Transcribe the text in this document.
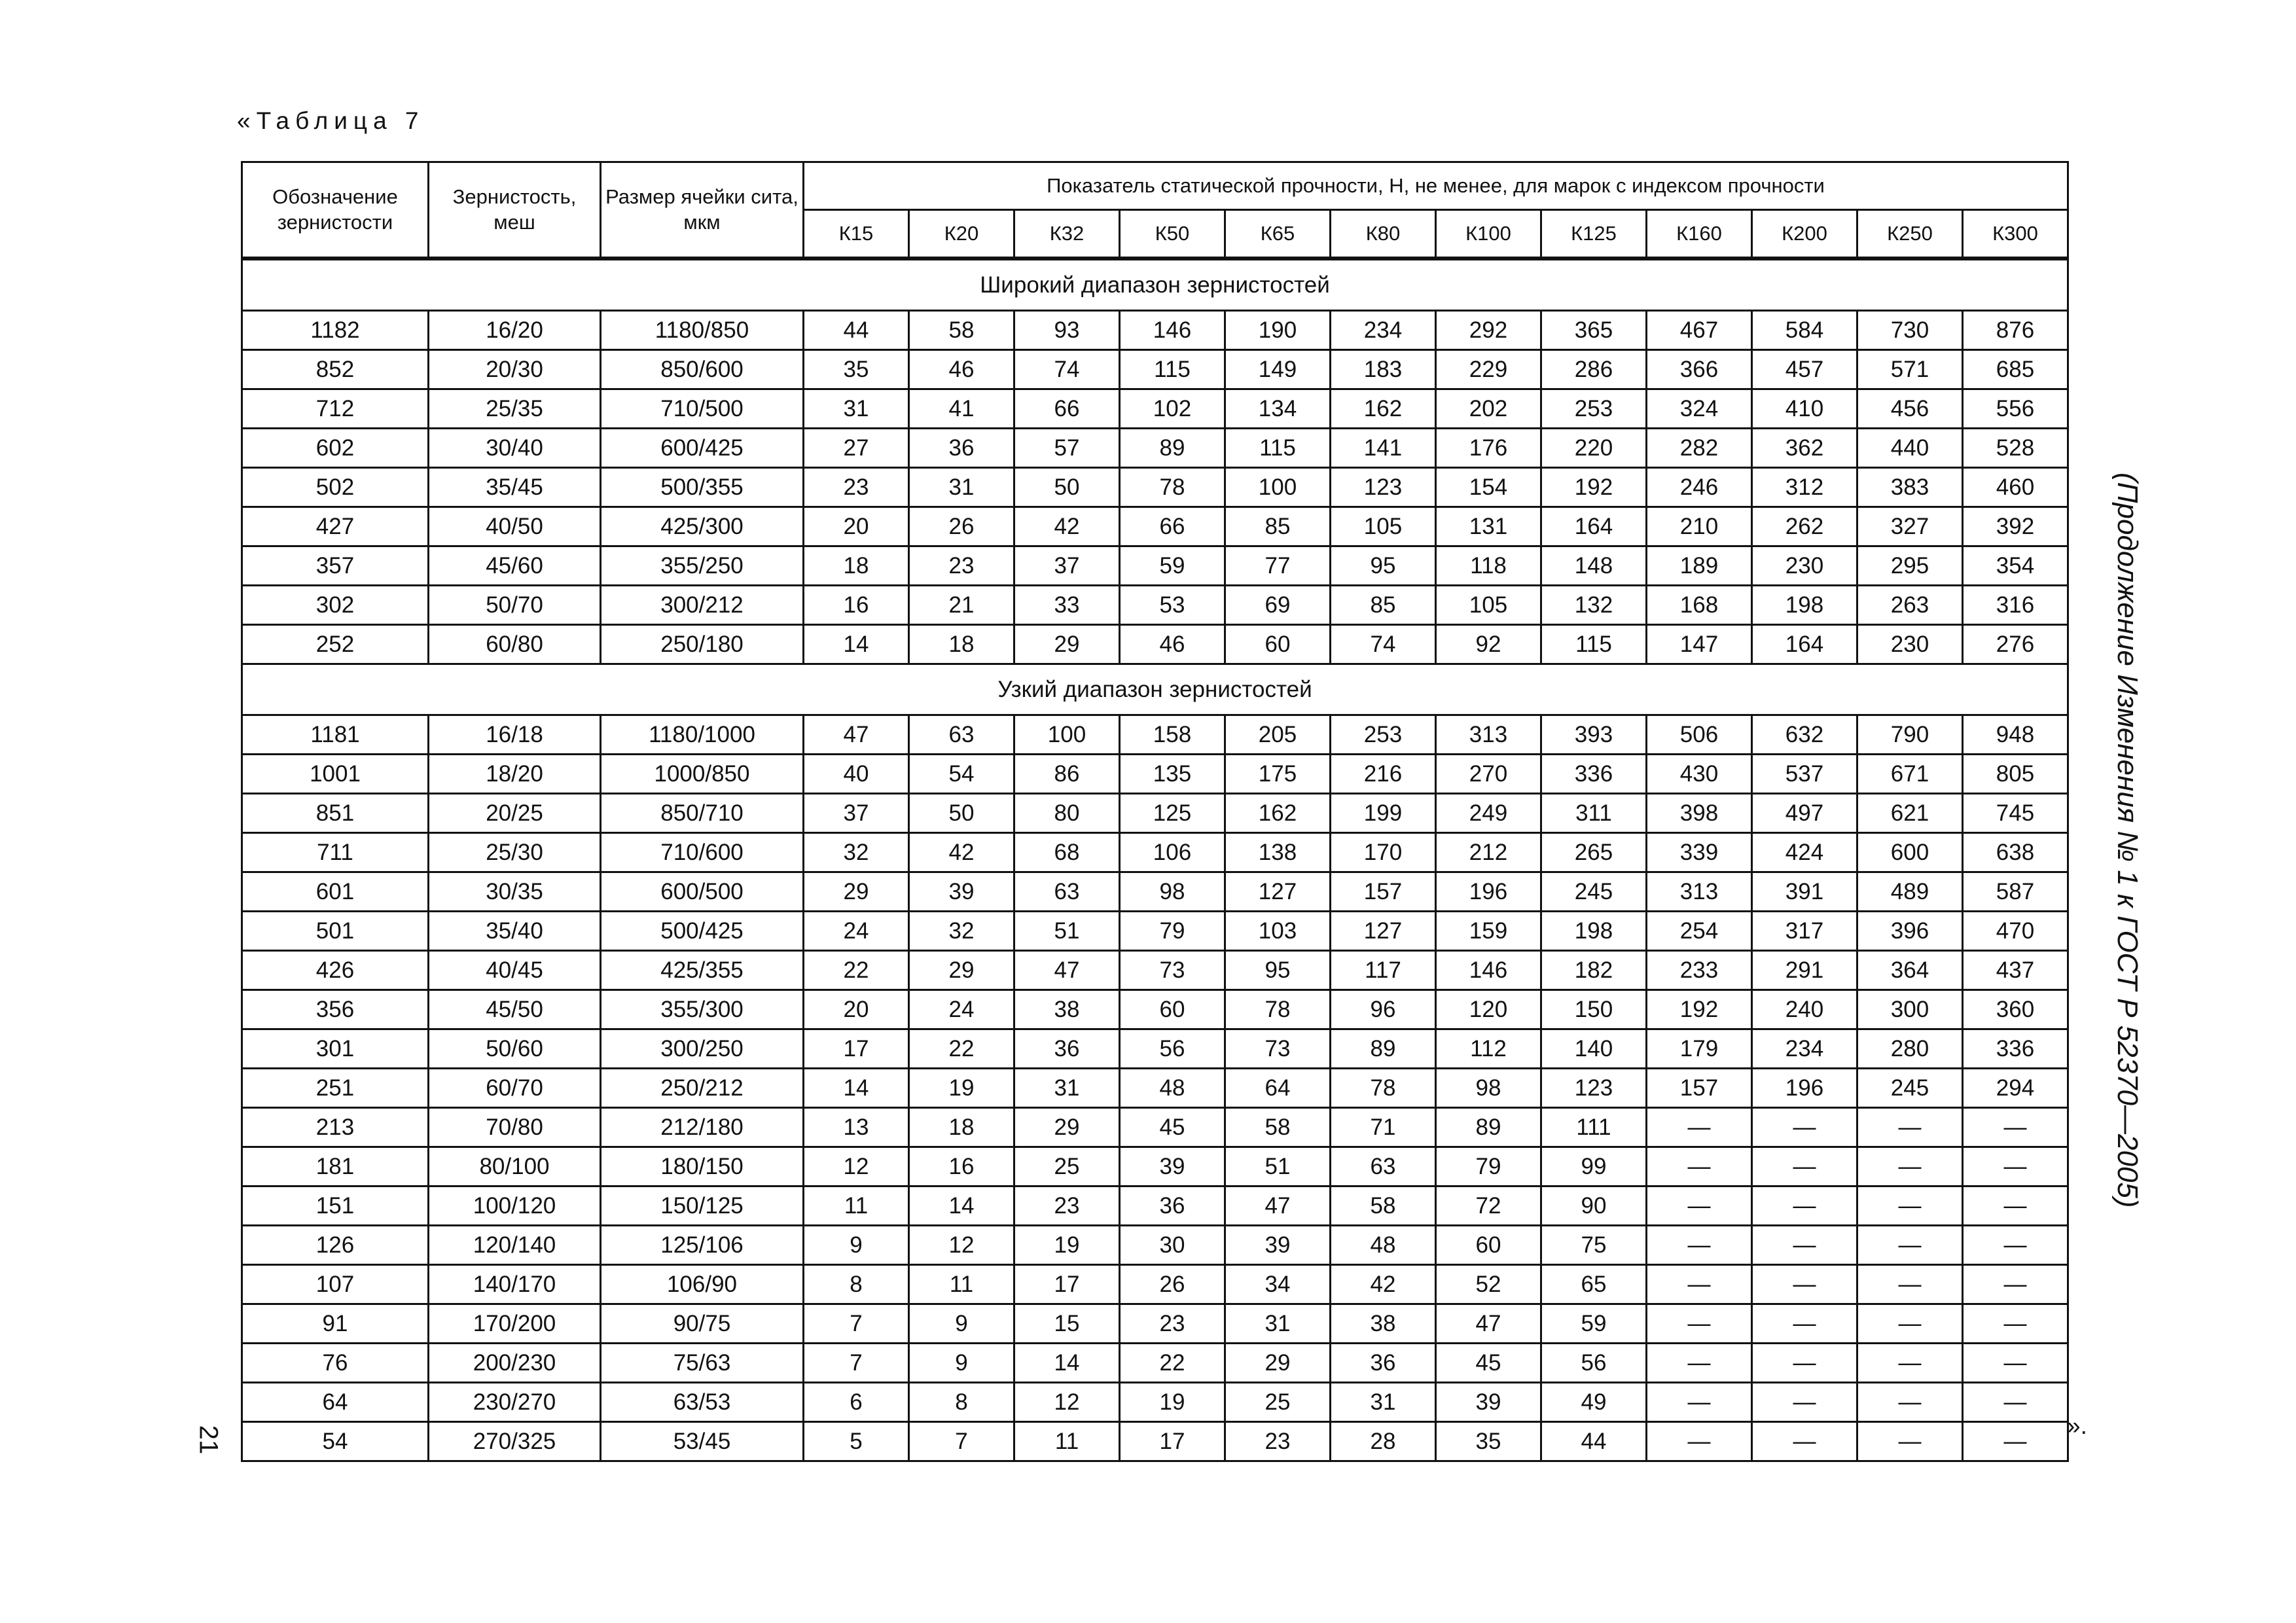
«Таблица 7
Обозначение зернистости	Зернистость, меш	Размер ячейки сита, мкм	Показатель статической прочности, Н, не менее, для марок с индексом прочности											
			К15	К20	К32	К50	К65	К80	К100	К125	К160	К200	К250	К300
Широкий диапазон зернистостей														
1182	16/20	1180/850	44	58	93	146	190	234	292	365	467	584	730	876
852	20/30	850/600	35	46	74	115	149	183	229	286	366	457	571	685
712	25/35	710/500	31	41	66	102	134	162	202	253	324	410	456	556
602	30/40	600/425	27	36	57	89	115	141	176	220	282	362	440	528
502	35/45	500/355	23	31	50	78	100	123	154	192	246	312	383	460
427	40/50	425/300	20	26	42	66	85	105	131	164	210	262	327	392
357	45/60	355/250	18	23	37	59	77	95	118	148	189	230	295	354
302	50/70	300/212	16	21	33	53	69	85	105	132	168	198	263	316
252	60/80	250/180	14	18	29	46	60	74	92	115	147	164	230	276
Узкий диапазон зернистостей														
1181	16/18	1180/1000	47	63	100	158	205	253	313	393	506	632	790	948
1001	18/20	1000/850	40	54	86	135	175	216	270	336	430	537	671	805
851	20/25	850/710	37	50	80	125	162	199	249	311	398	497	621	745
711	25/30	710/600	32	42	68	106	138	170	212	265	339	424	600	638
601	30/35	600/500	29	39	63	98	127	157	196	245	313	391	489	587
501	35/40	500/425	24	32	51	79	103	127	159	198	254	317	396	470
426	40/45	425/355	22	29	47	73	95	117	146	182	233	291	364	437
356	45/50	355/300	20	24	38	60	78	96	120	150	192	240	300	360
301	50/60	300/250	17	22	36	56	73	89	112	140	179	234	280	336
251	60/70	250/212	14	19	31	48	64	78	98	123	157	196	245	294
213	70/80	212/180	13	18	29	45	58	71	89	111	—	—	—	—
181	80/100	180/150	12	16	25	39	51	63	79	99	—	—	—	—
151	100/120	150/125	11	14	23	36	47	58	72	90	—	—	—	—
126	120/140	125/106	9	12	19	30	39	48	60	75	—	—	—	—
107	140/170	106/90	8	11	17	26	34	42	52	65	—	—	—	—
91	170/200	90/75	7	9	15	23	31	38	47	59	—	—	—	—
76	200/230	75/63	7	9	14	22	29	36	45	56	—	—	—	—
64	230/270	63/53	6	8	12	19	25	31	39	49	—	—	—	—
54	270/325	53/45	5	7	11	17	23	28	35	44	—	—	—	—
».
21
(Продолжение Изменения № 1 к ГОСТ Р 52370—2005)
